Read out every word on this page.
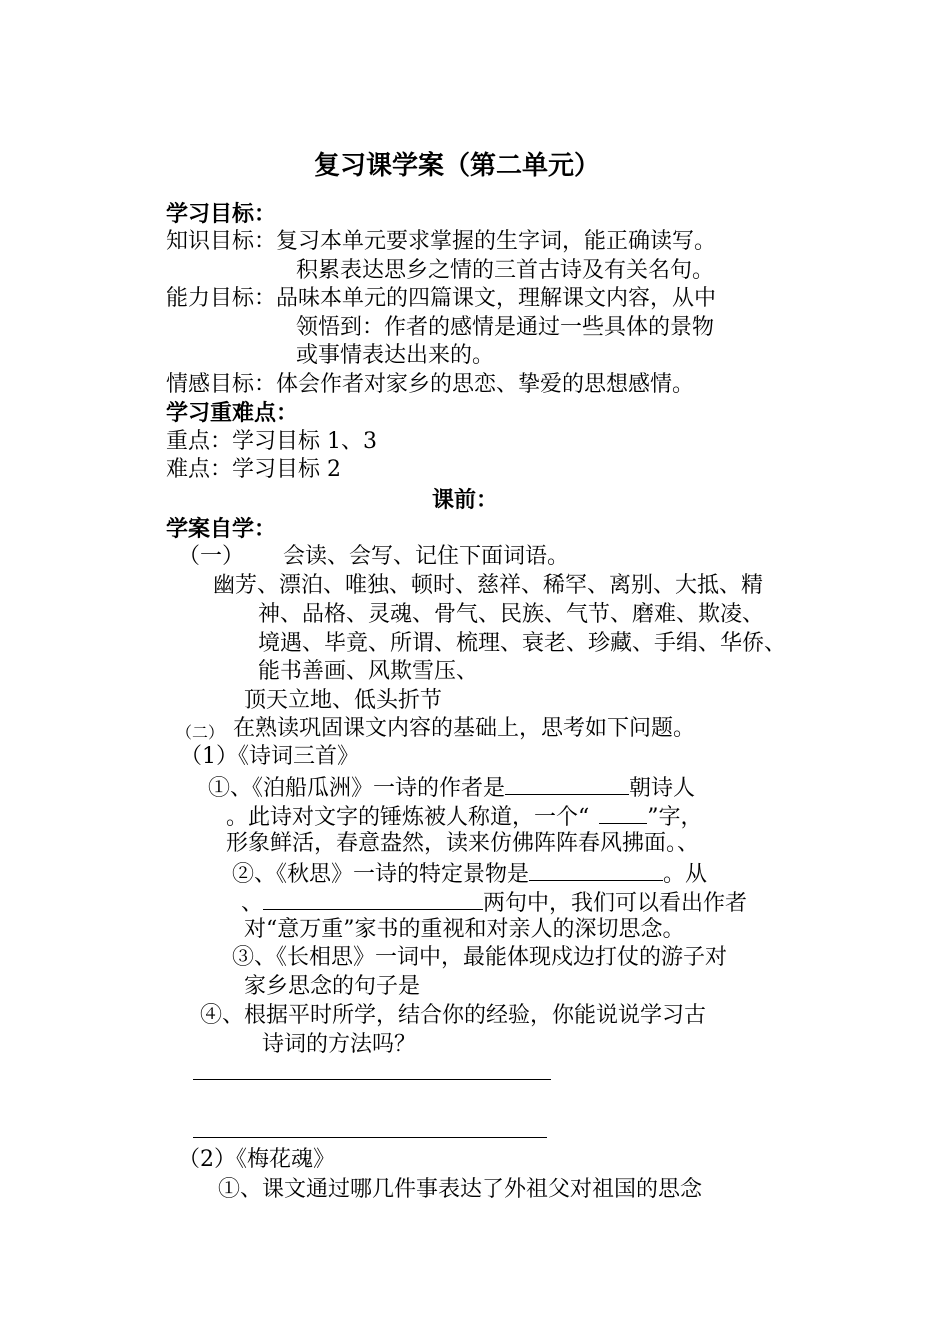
复习课学案（第二单元）
学习目标：
知识目标：复习本单元要求掌握的生字词，能正确读写。
积累表达思乡之情的三首古诗及有关名句。
能力目标：品味本单元的四篇课文，理解课文内容，从中
领悟到：作者的感情是通过一些具体的景物
或事情表达出来的。
情感目标：体会作者对家乡的思恋、挚爱的思想感情。
学习重难点：
重点：学习目标 1、3
难点：学习目标 2
课前：
学案自学：
（一） 会读、会写、记住下面词语。
幽芳、漂泊、唯独、顿时、慈祥、稀罕、离别、大抵、精
神、品格、灵魂、骨气、民族、气节、磨难、欺凌、
境遇、毕竟、所谓、梳理、衰老、珍藏、手绢、华侨、
能书善画、风欺雪压、
顶天立地、低头折节
（二） 在熟读巩固课文内容的基础上，思考如下问题。
（1）《诗词三首》
①、《泊船瓜洲》一诗的作者是	朝诗人
。此诗对文字的锤炼被人称道，一个“	”字，
形象鲜活，春意盎然，读来仿佛阵阵春风拂面。、
②、《秋思》一诗的特定景物是	。从
、	两句中，我们可以看出作者
对“意万重”家书的重视和对亲人的深切思念。
③、《长相思》一词中，最能体现戍边打仗的游子对
家乡思念的句子是
④、根据平时所学，结合你的经验，你能说说学习古
诗词的方法吗？
（2）《梅花魂》
①、课文通过哪几件事表达了外祖父对祖国的思念
